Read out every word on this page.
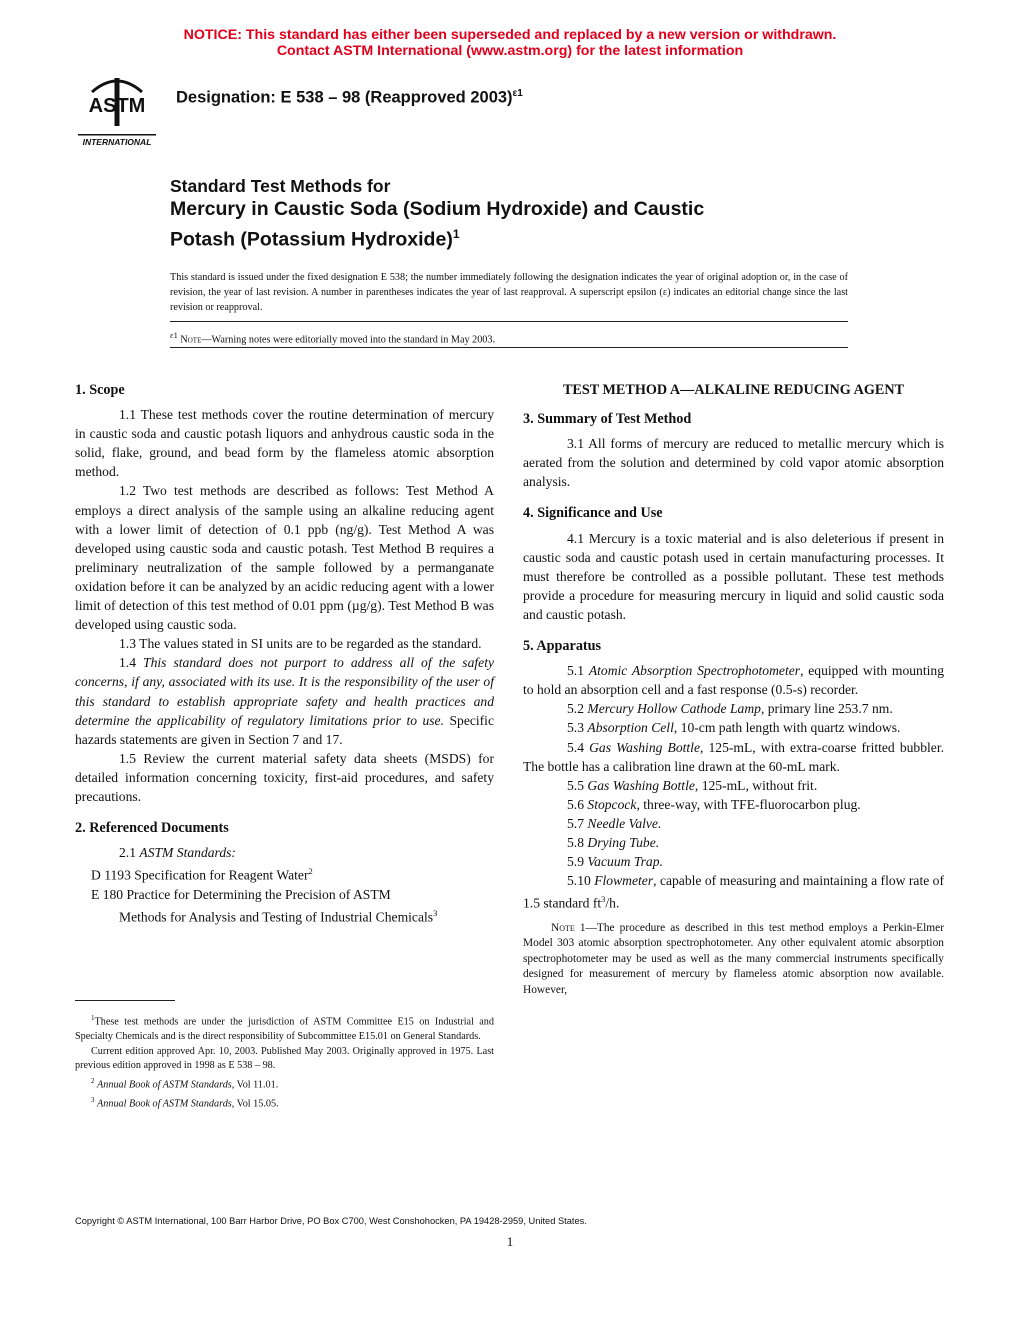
NOTICE: This standard has either been superseded and replaced by a new version or withdrawn.
Contact ASTM International (www.astm.org) for the latest information
ASTM
INTERNATIONAL
Designation: E 538 – 98 (Reapproved 2003)$^{\varepsilon 1}$
Standard Test Methods for
Mercury in Caustic Soda (Sodium Hydroxide) and Caustic
Potash (Potassium Hydroxide)$^1$
This standard is issued under the fixed designation E 538; the number immediately following the designation indicates the year of original adoption or, in the case of revision, the year of last revision. A number in parentheses indicates the year of last reapproval. A superscript epsilon (ε) indicates an editorial change since the last revision or reapproval.
$^{\varepsilon 1}$ Note—Warning notes were editorially moved into the standard in May 2003.
1. Scope

1.1 These test methods cover the routine determination of mercury in caustic soda and caustic potash liquors and anhydrous caustic soda in the solid, flake, ground, and bead form by the flameless atomic absorption method.

1.2 Two test methods are described as follows: Test Method A employs a direct analysis of the sample using an alkaline reducing agent with a lower limit of detection of 0.1 ppb (ng/g). Test Method A was developed using caustic soda and caustic potash. Test Method B requires a preliminary neutralization of the sample followed by a permanganate oxidation before it can be analyzed by an acidic reducing agent with a lower limit of detection of this test method of 0.01 ppm (µg/g). Test Method B was developed using caustic soda.

1.3 The values stated in SI units are to be regarded as the standard.

1.4 This standard does not purport to address all of the safety concerns, if any, associated with its use. It is the responsibility of the user of this standard to establish appropriate safety and health practices and determine the applicability of regulatory limitations prior to use. Specific hazards statements are given in Section 7 and 17.

1.5 Review the current material safety data sheets (MSDS) for detailed information concerning toxicity, first-aid procedures, and safety precautions.

2. Referenced Documents

2.1 ASTM Standards:

D 1193 Specification for Reagent Water$^2$

E 180 Practice for Determining the Precision of ASTM

Methods for Analysis and Testing of Industrial Chemicals$^3$

$^1$These test methods are under the jurisdiction of ASTM Committee E15 on Industrial and Specialty Chemicals and is the direct responsibility of Subcommittee E15.01 on General Standards.

Current edition approved Apr. 10, 2003. Published May 2003. Originally approved in 1975. Last previous edition approved in 1998 as E 538 – 98.

$^2$ Annual Book of ASTM Standards, Vol 11.01.

$^3$ Annual Book of ASTM Standards, Vol 15.05.

TEST METHOD A—ALKALINE REDUCING AGENT
3. Summary of Test Method

3.1 All forms of mercury are reduced to metallic mercury which is aerated from the solution and determined by cold vapor atomic absorption analysis.

4. Significance and Use

4.1 Mercury is a toxic material and is also deleterious if present in caustic soda and caustic potash used in certain manufacturing processes. It must therefore be controlled as a possible pollutant. These test methods provide a procedure for measuring mercury in liquid and solid caustic soda and caustic potash.

5. Apparatus

5.1 Atomic Absorption Spectrophotometer, equipped with mounting to hold an absorption cell and a fast response (0.5-s) recorder.

5.2 Mercury Hollow Cathode Lamp, primary line 253.7 nm.

5.3 Absorption Cell, 10-cm path length with quartz windows.

5.4 Gas Washing Bottle, 125-mL, with extra-coarse fritted bubbler. The bottle has a calibration line drawn at the 60-mL mark.

5.5 Gas Washing Bottle, 125-mL, without frit.

5.6 Stopcock, three-way, with TFE-fluorocarbon plug.

5.7 Needle Valve.

5.8 Drying Tube.

5.9 Vacuum Trap.

5.10 Flowmeter, capable of measuring and maintaining a flow rate of 1.5 standard $ft^3/h$.

Note 1—The procedure as described in this test method employs a Perkin-Elmer Model 303 atomic absorption spectrophotometer. Any other equivalent atomic absorption spectrophotometer may be used as well as the many commercial instruments specifically designed for measurement of mercury by flameless atomic absorption now available. However,
Copyright © ASTM International, 100 Barr Harbor Drive, PO Box C700, West Conshohocken, PA 19428-2959, United States.
1
